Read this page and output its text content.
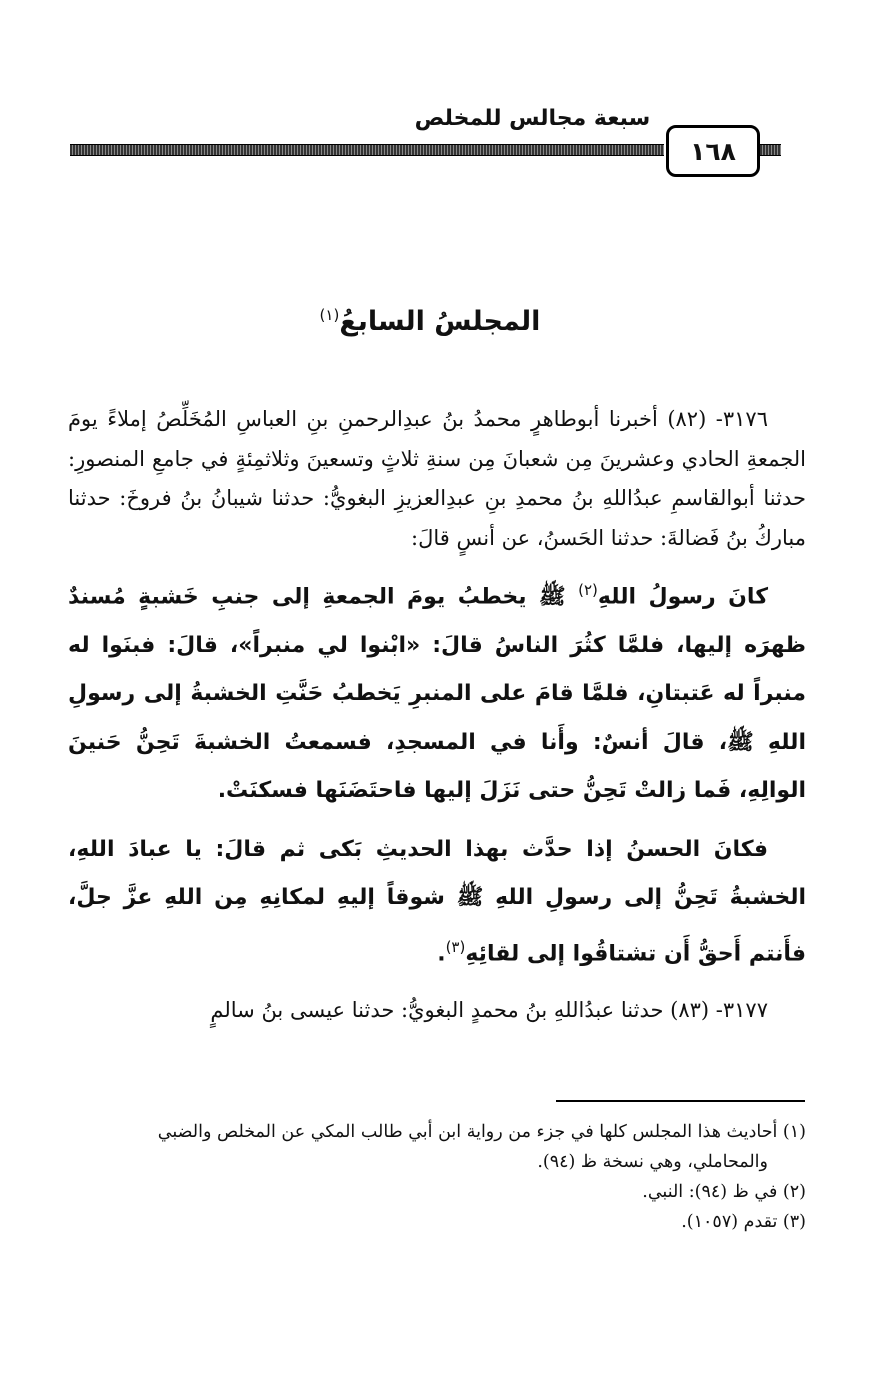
سبعة مجالس للمخلص
١٦٨
المجلسُ السابعُ$^{(١)}$

٣١٧٦- (٨٢) أخبرنا أبوطاهرٍ محمدُ بنُ عبدِالرحمنِ بنِ العباسِ المُخَلِّصُ إملاءً يومَ الجمعةِ الحادي وعشرينَ مِن شعبانَ مِن سنةِ ثلاثٍ وتسعينَ وثلاثمِئةٍ في جامعِ المنصورِ: حدثنا أبوالقاسمِ عبدُاللهِ بنُ محمدِ بنِ عبدِالعزيزِ البغويُّ: حدثنا شيبانُ بنُ فروخَ: حدثنا مباركُ بنُ فَضالةَ: حدثنا الحَسنُ، عن أنسٍ قالَ:

كانَ رسولُ اللهِ$^{(٢)}$ ﷺ يخطبُ يومَ الجمعةِ إلى جنبِ خَشبةٍ مُسندٌ ظهرَه إليها، فلمَّا كثُرَ الناسُ قالَ: «ابْنوا لي منبراً»، قالَ: فبنَوا له منبراً له عَتبتانِ، فلمَّا قامَ على المنبرِ يَخطبُ حَنَّتِ الخشبةُ إلى رسولِ اللهِ ﷺ، قالَ أنسٌ: وأَنا في المسجدِ، فسمعتُ الخشبةَ تَحِنُّ حَنينَ الوالِهِ، فَما زالتْ تَحِنُّ حتى نَزَلَ إليها فاحتَضَنَها فسكنَتْ.

فكانَ الحسنُ إذا حدَّث بهذا الحديثِ بَكى ثم قالَ: يا عبادَ اللهِ، الخشبةُ تَحِنُّ إلى رسولِ اللهِ ﷺ شوقاً إليهِ لمكانِهِ مِن اللهِ عزَّ جلَّ، فأَنتم أَحقُّ أَن تشتاقُوا إلى لقائِهِ$^{(٣)}$.

٣١٧٧- (٨٣) حدثنا عبدُاللهِ بنُ محمدٍ البغويُّ: حدثنا عيسى بنُ سالمٍ

(١) أحاديث هذا المجلس كلها في جزء من رواية ابن أبي طالب المكي عن المخلص والضبي
والمحاملي، وهي نسخة ظ (٩٤).

(٢) في ظ (٩٤): النبي.

(٣) تقدم (١٠٥٧).
